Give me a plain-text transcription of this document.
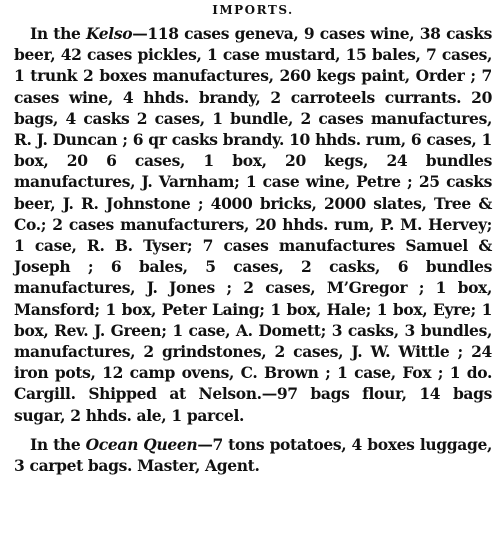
IMPORTS.

In the Kelso—118 cases geneva, 9 cases wine, 38 casks beer, 42 cases pickles, 1 case mustard, 15 bales, 7 cases, 1 trunk 2 boxes manufactures, 260 kegs paint, Order ; 7 cases wine, 4 hhds. brandy, 2 carroteels currants. 20 bags, 4 casks 2 cases, 1 bundle, 2 cases manufactures, R. J. Duncan ; 6 qr casks brandy. 10 hhds. rum, 6 cases, 1 box, 20 6 cases, 1 box, 20 kegs, 24 bundles manufactures, J. Varnham; 1 case wine, Petre ; 25 casks beer, J. R. Johnstone ; 4000 bricks, 2000 slates, Tree & Co.; 2 cases manufacturers, 20 hhds. rum, P. M. Hervey; 1 case, R. B. Tyser; 7 cases manufactures Samuel & Joseph ; 6 bales, 5 cases, 2 casks, 6 bundles manufactures, J. Jones ; 2 cases, M’Gregor ; 1 box, Mansford; 1 box, Peter Laing; 1 box, Hale; 1 box, Eyre; 1 box, Rev. J. Green; 1 case, A. Domett; 3 casks, 3 bundles, manufactures, 2 grindstones, 2 cases, J. W. Wittle ; 24 iron pots, 12 camp ovens, C. Brown ; 1 case, Fox ; 1 do. Cargill. Shipped at Nelson.—97 bags flour, 14 bags sugar, 2 hhds. ale, 1 parcel.

In the Ocean Queen—7 tons potatoes, 4 boxes luggage, 3 carpet bags. Master, Agent.
